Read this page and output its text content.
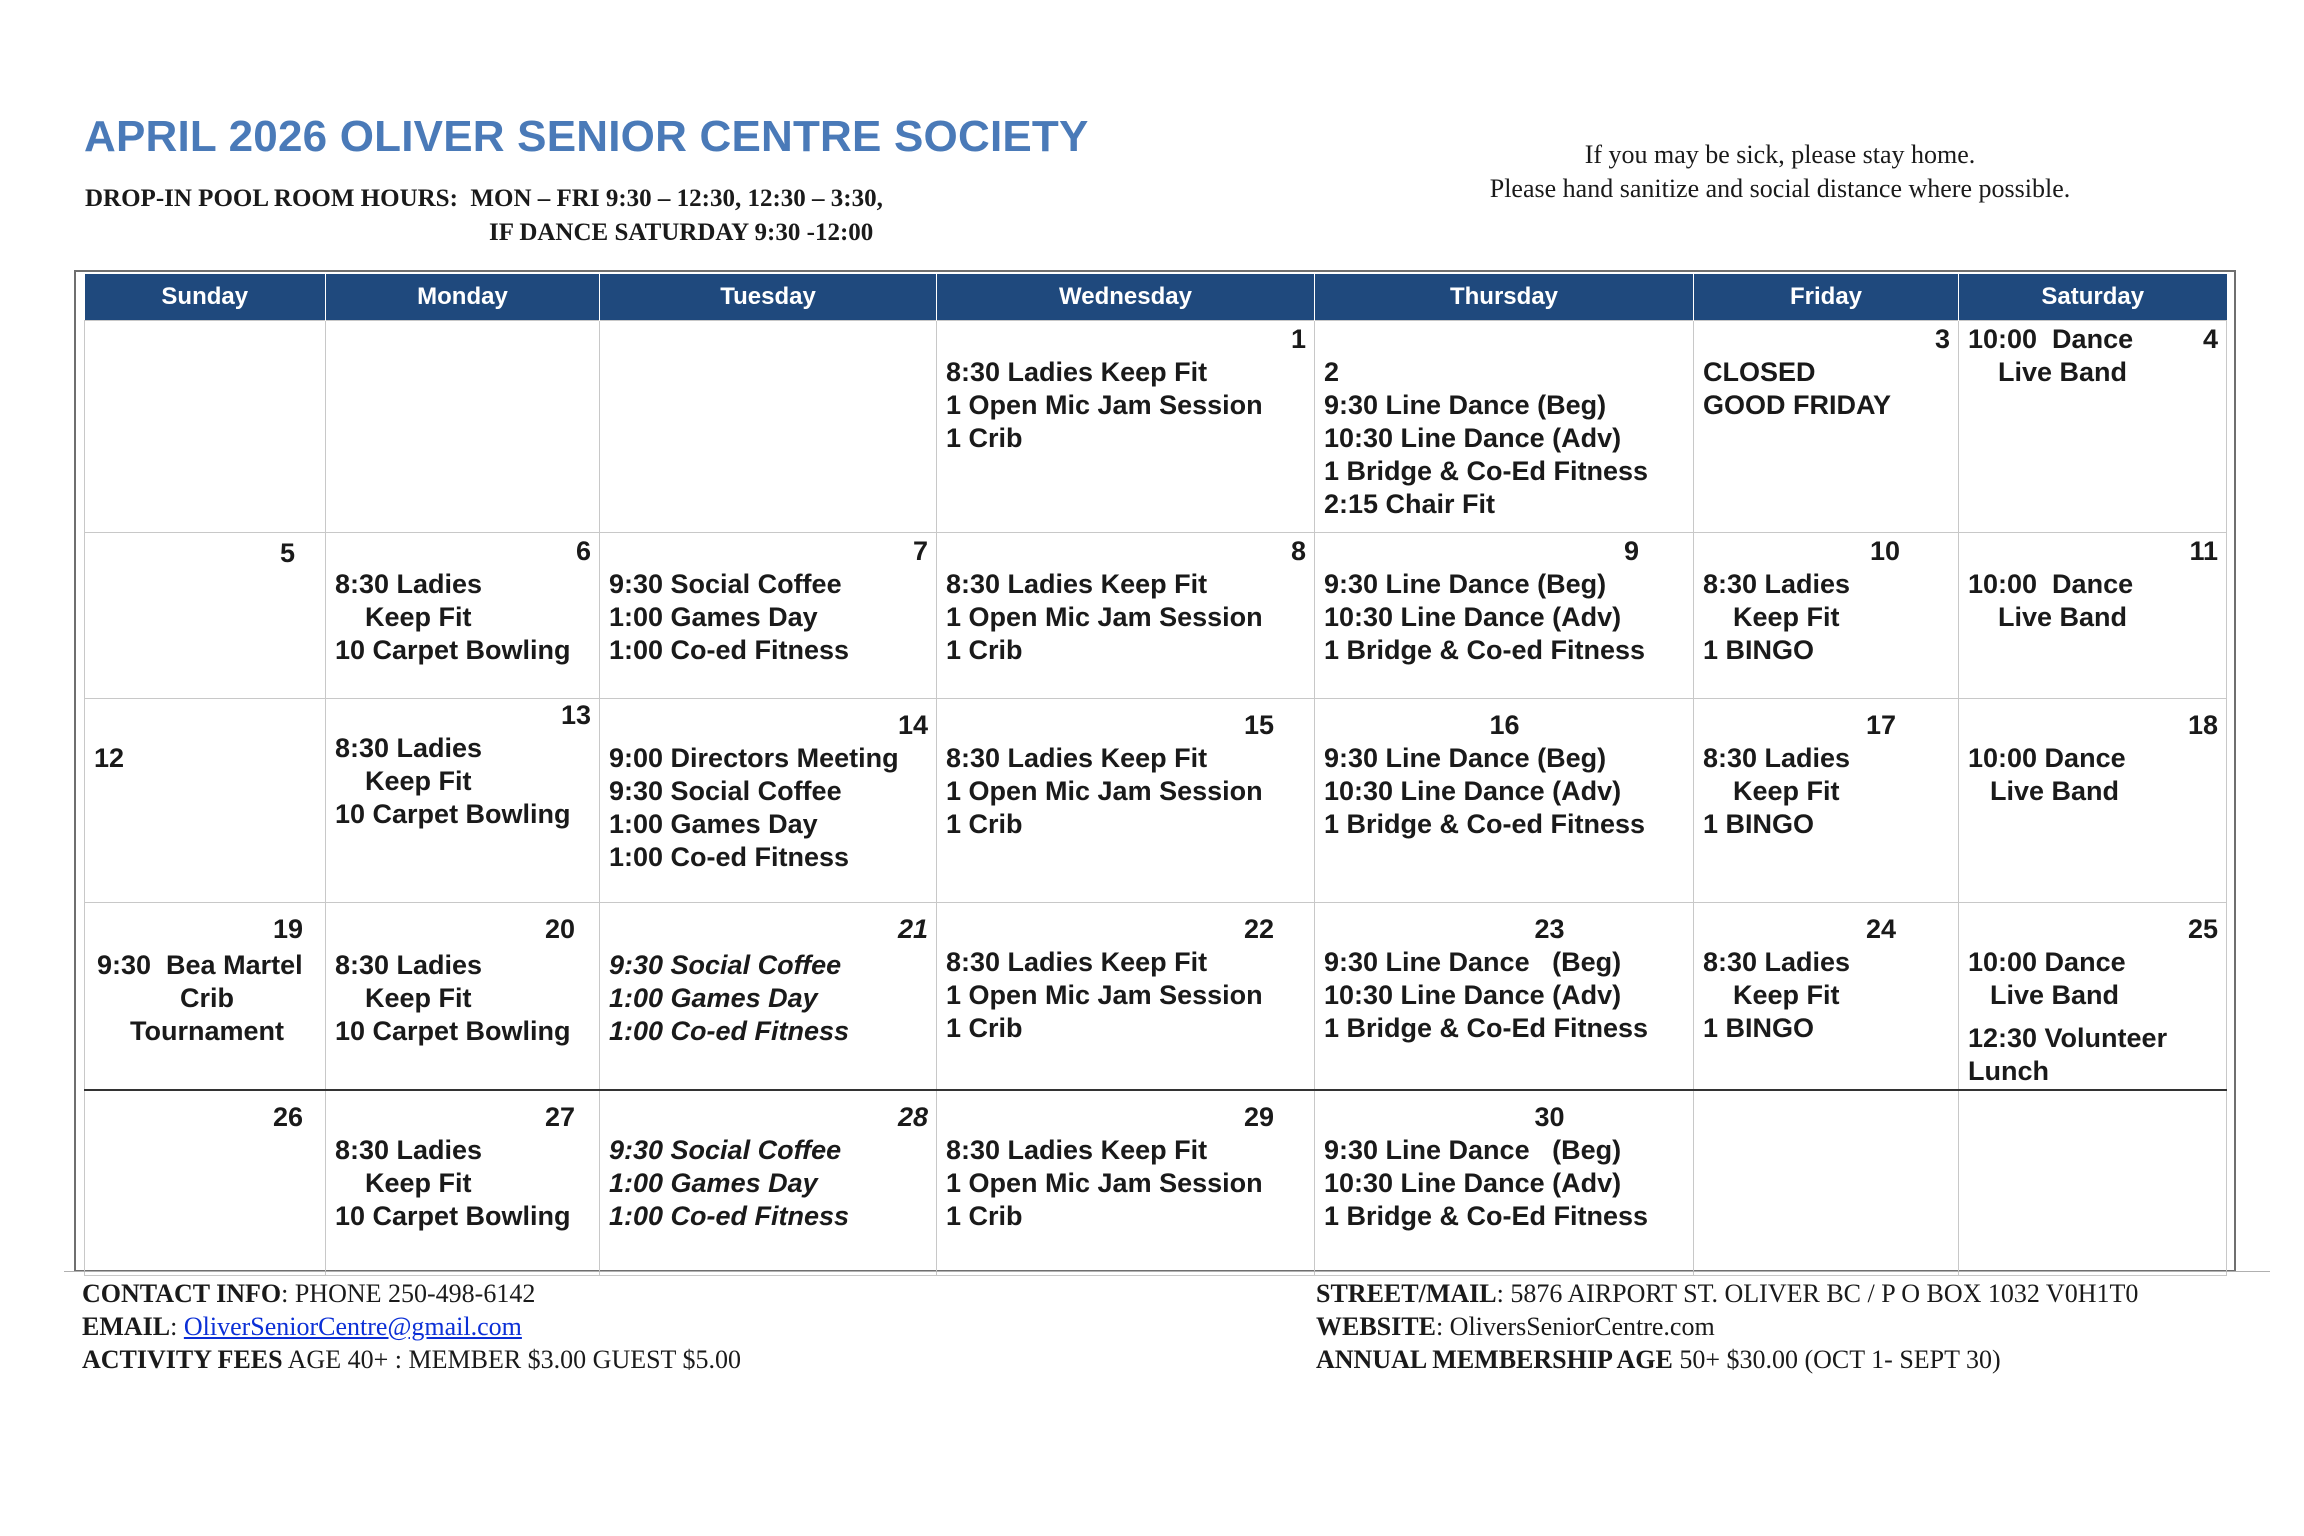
APRIL 2026 OLIVER SENIOR CENTRE SOCIETY
DROP-IN POOL ROOM HOURS: MON – FRI 9:30 – 12:30, 12:30 – 3:30,
IF DANCE SATURDAY 9:30 -12:00
If you may be sick, please stay home.
Please hand sanitize and social distance where possible.
Sunday	Monday	Tuesday	Wednesday	Thursday	Friday	Saturday

			1
8:30 Ladies Keep Fit
1 Open Mic Jam Session
1 Crib	2
9:30 Line Dance (Beg)
10:30 Line Dance (Adv)
1 Bridge & Co-Ed Fitness
2:15 Chair Fit	3
CLOSED
GOOD FRIDAY	4
10:00  Dance
Live Band

5	6
8:30 Ladies
Keep Fit
10 Carpet Bowling	7
9:30 Social Coffee
1:00 Games Day
1:00 Co-ed Fitness	8
8:30 Ladies Keep Fit
1 Open Mic Jam Session
1 Crib	9
9:30 Line Dance (Beg)
10:30 Line Dance (Adv)
1 Bridge & Co-ed Fitness	10
8:30 Ladies
Keep Fit
1 BINGO	11
10:00  Dance
Live Band

12	13
8:30 Ladies
Keep Fit
10 Carpet Bowling	14
9:00 Directors Meeting
9:30 Social Coffee
1:00 Games Day
1:00 Co-ed Fitness	15
8:30 Ladies Keep Fit
1 Open Mic Jam Session
1 Crib	16
9:30 Line Dance (Beg)
10:30 Line Dance (Adv)
1 Bridge & Co-ed Fitness	17
8:30 Ladies
Keep Fit
1 BINGO	18
10:00 Dance
Live Band

19
9:30  Bea Martel
Crib
Tournament	20
8:30 Ladies
Keep Fit
10 Carpet Bowling	21
9:30 Social Coffee
1:00 Games Day
1:00 Co-ed Fitness	22
8:30 Ladies Keep Fit
1 Open Mic Jam Session
1 Crib	23
9:30 Line Dance   (Beg)
10:30 Line Dance (Adv)
1 Bridge & Co-Ed Fitness	24
8:30 Ladies
Keep Fit
1 BINGO	25
10:00 Dance
Live Band
12:30 Volunteer
Lunch

26	27
8:30 Ladies
Keep Fit
10 Carpet Bowling	28
9:30 Social Coffee
1:00 Games Day
1:00 Co-ed Fitness	29
8:30 Ladies Keep Fit
1 Open Mic Jam Session
1 Crib	30
9:30 Line Dance   (Beg)
10:30 Line Dance (Adv)
1 Bridge & Co-Ed Fitness		

CONTACT INFO: PHONE 250-498-6142
EMAIL: OliverSeniorCentre@gmail.com
ACTIVITY FEES AGE 40+ : MEMBER $3.00 GUEST $5.00
STREET/MAIL: 5876 AIRPORT ST. OLIVER BC / P O BOX 1032 V0H1T0
WEBSITE: OliversSeniorCentre.com
ANNUAL MEMBERSHIP AGE 50+ $30.00 (OCT 1- SEPT 30)
